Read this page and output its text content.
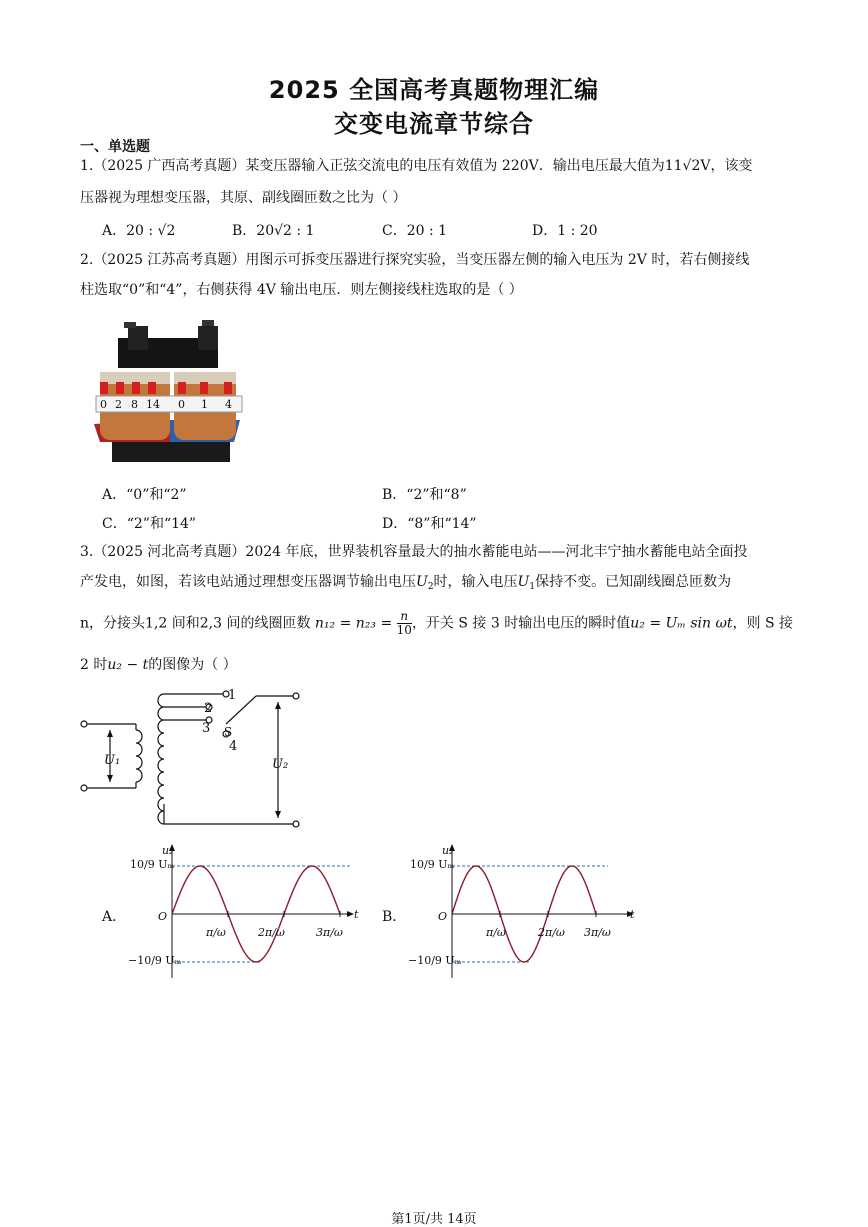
2025 全国高考真题物理汇编
交变电流章节综合
一、单选题
1.（2025 广西高考真题）某变压器输入正弦交流电的电压有效值为 220V．输出电压最大值为11√2V，该变
压器视为理想变压器，其原、副线圈匝数之比为（ ）
A．20 : √2	B．20√2 : 1	C．20 : 1	D．1 : 20
2.（2025 江苏高考真题）用图示可拆变压器进行探究实验，当变压器左侧的输入电压为 2V 时，若右侧接线
柱选取“0”和“4”，右侧获得 4V 输出电压．则左侧接线柱选取的是（ ）
0 2 8 14 0 1 4
A．“0”和“2”	B．“2”和“8”
C．“2”和“14”	D．“8”和“14”
3.（2025 河北高考真题）2024 年底，世界装机容量最大的抽水蓄能电站——河北丰宁抽水蓄能电站全面投
产发电，如图，若该电站通过理想变压器调节输出电压$U_2$时，输入电压$U_1$保持不变。已知副线圈总匝数为
n，分接头1,2 间和2,3 间的线圈匝数 $n_{12} = n_{23} = \frac{n}{10}$ ，开关 S 接 3 时输出电压的瞬时值u₂ = Uₘ sin ωt，则 S 接
2 时u₂ − t的图像为（ ）
1
2
3
4
S
U₁	U₂
A．
u₂
10/9 Uₘ
−10/9 Uₘ
O	t
π/ω	2π/ω	3π/ω
B．
u₂
10/9 Uₘ
−10/9 Uₘ
O	t
π/ω	2π/ω 3π/ω
第1页/共 14页
